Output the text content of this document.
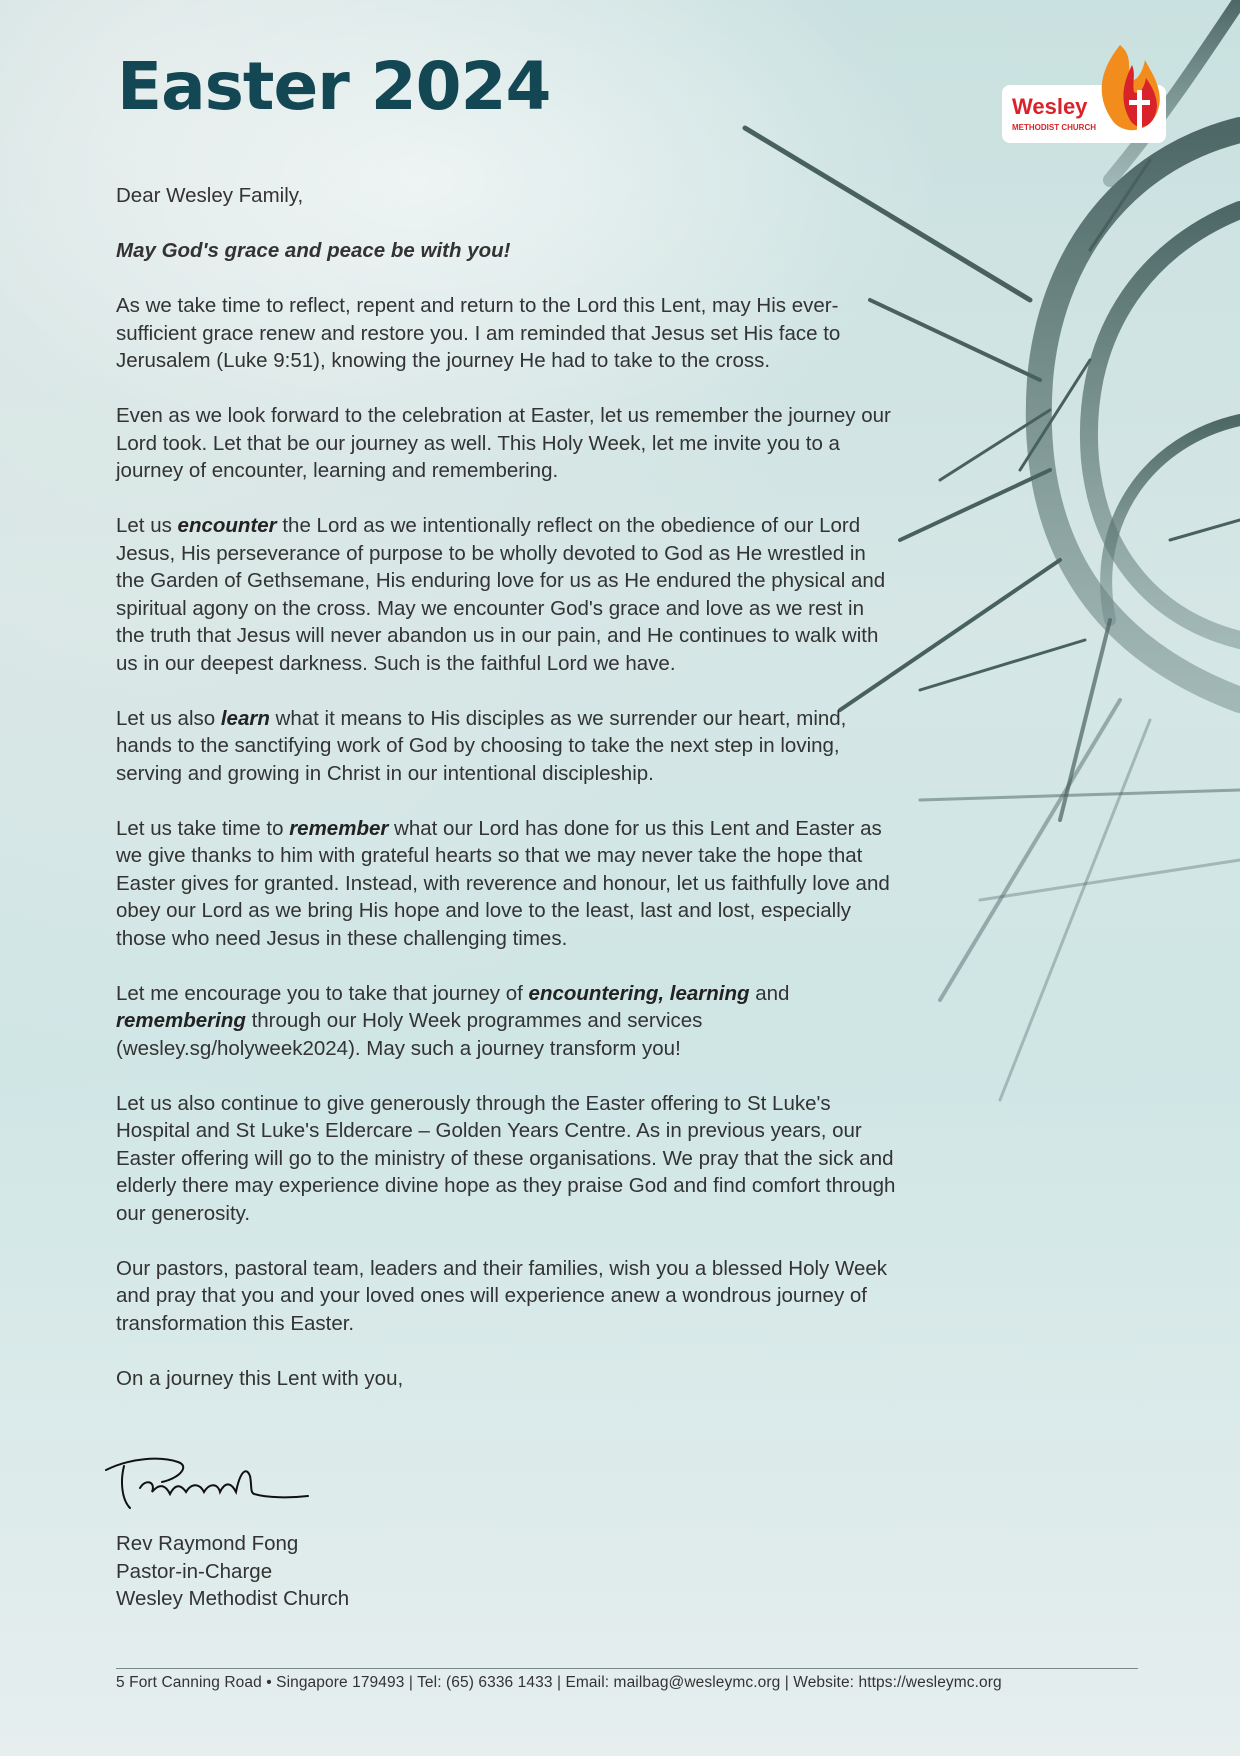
Easter 2024	Wesley
METHODIST CHURCH

Dear Wesley Family,

May God's grace and peace be with you!

As we take time to reflect, repent and return to the Lord this Lent, may His ever-sufficient grace renew and restore you. I am reminded that Jesus set His face to Jerusalem (Luke 9:51), knowing the journey He had to take to the cross.

Even as we look forward to the celebration at Easter, let us remember the journey our Lord took. Let that be our journey as well. This Holy Week, let me invite you to a journey of encounter, learning and remembering.

Let us encounter the Lord as we intentionally reflect on the obedience of our Lord Jesus, His perseverance of purpose to be wholly devoted to God as He wrestled in the Garden of Gethsemane, His enduring love for us as He endured the physical and spiritual agony on the cross. May we encounter God's grace and love as we rest in the truth that Jesus will never abandon us in our pain, and He continues to walk with us in our deepest darkness. Such is the faithful Lord we have.

Let us also learn what it means to His disciples as we surrender our heart, mind, hands to the sanctifying work of God by choosing to take the next step in loving, serving and growing in Christ in our intentional discipleship.

Let us take time to remember what our Lord has done for us this Lent and Easter as we give thanks to him with grateful hearts so that we may never take the hope that Easter gives for granted. Instead, with reverence and honour, let us faithfully love and obey our Lord as we bring His hope and love to the least, last and lost, especially those who need Jesus in these challenging times.

Let me encourage you to take that journey of encountering, learning and remembering through our Holy Week programmes and services (wesley.sg/holyweek2024). May such a journey transform you!

Let us also continue to give generously through the Easter offering to St Luke's Hospital and St Luke's Eldercare – Golden Years Centre. As in previous years, our Easter offering will go to the ministry of these organisations. We pray that the sick and elderly there may experience divine hope as they praise God and find comfort through our generosity.

Our pastors, pastoral team, leaders and their families, wish you a blessed Holy Week and pray that you and your loved ones will experience anew a wondrous journey of transformation this Easter.

On a journey this Lent with you,

Rev Raymond Fong
Pastor-in-Charge
Wesley Methodist Church
5 Fort Canning Road • Singapore 179493 | Tel: (65) 6336 1433 | Email: mailbag@wesleymc.org | Website: https://wesleymc.org
